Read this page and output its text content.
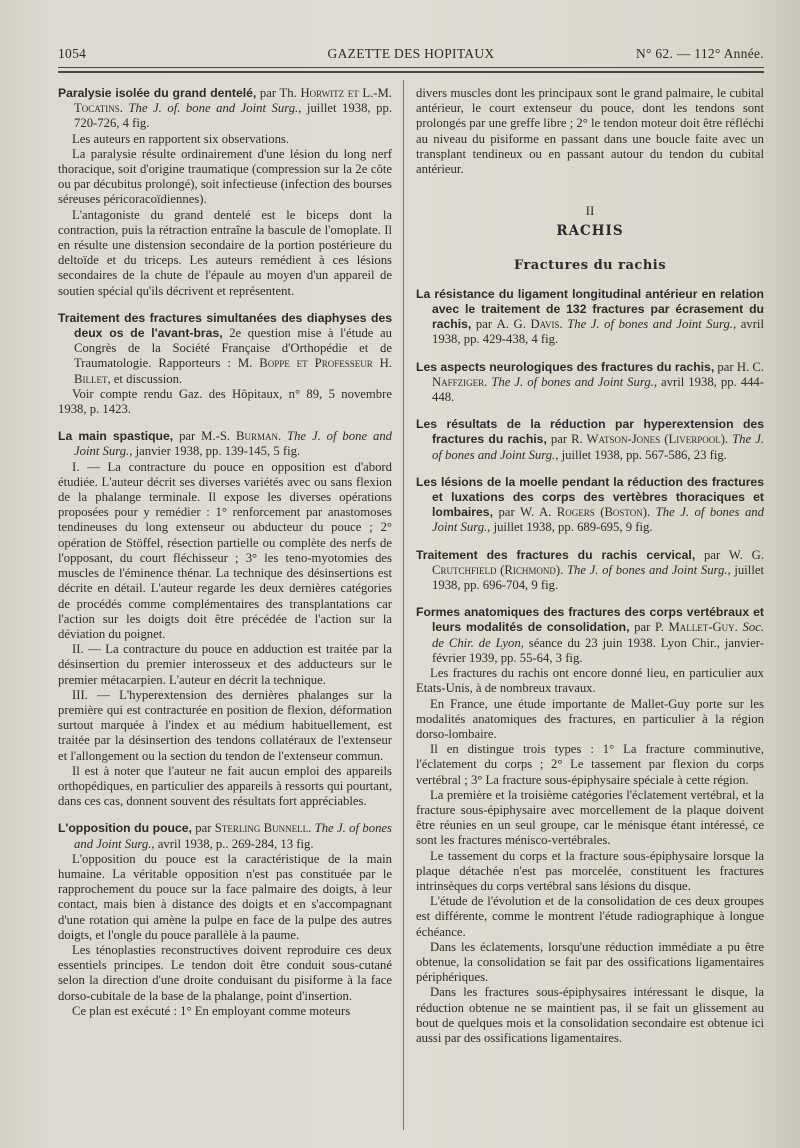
1054	GAZETTE DES HOPITAUX	N° 62. — 112° Année.

Paralysie isolée du grand dentelé, par Th. Horwitz et L.-M. Tocatins. The J. of. bone and Joint Surg., juillet 1938, pp. 720-726, 4 fig.

Les auteurs en rapportent six observations.

La paralysie résulte ordinairement d'une lésion du long nerf thoracique, soit d'origine traumatique (compression sur la 2e côte ou par décubitus prolongé), soit infectieuse (infection des bourses séreuses péricoracoïdiennes).

L'antagoniste du grand dentelé est le biceps dont la contraction, puis la rétraction entraîne la bascule de l'omoplate. Il en résulte une distension secondaire de la portion postérieure du deltoïde et du triceps. Les auteurs remédient à ces lésions secondaires de la chute de l'épaule au moyen d'un appareil de soutien spécial qu'ils décrivent et représentent.

Traitement des fractures simultanées des diaphyses des deux os de l'avant-bras, 2e question mise à l'étude au Congrès de la Société Française d'Orthopédie et de Traumatologie. Rapporteurs : M. Boppe et Professeur H. Billet, et discussion.

Voir compte rendu Gaz. des Hôpitaux, n° 89, 5 novembre 1938, p. 1423.

La main spastique, par M.-S. Burman. The J. of bone and Joint Surg., janvier 1938, pp. 139-145, 5 fig.

I. — La contracture du pouce en opposition est d'abord étudiée. L'auteur décrit ses diverses variétés avec ou sans flexion de la phalange terminale. Il expose les diverses opérations proposées pour y remédier : 1° renforcement par anastomoses tendineuses du long extenseur ou abducteur du pouce ; 2° opération de Stöffel, résection partielle ou complète des nerfs de l'opposant, du court fléchisseur ; 3° les teno-myotomies des muscles de l'éminence thénar. La technique des désinsertions est décrite en détail. L'auteur regarde les deux dernières catégories de procédés comme complémentaires des transplantations car l'action sur les doigts doit être précédée de l'action sur la déviation du poignet.

II. — La contracture du pouce en adduction est traitée par la désinsertion du premier interosseux et des adducteurs sur le premier métacarpien. L'auteur en décrit la technique.

III. — L'hyperextension des dernières phalanges sur la première qui est contracturée en position de flexion, déformation surtout marquée à l'index et au médium habituellement, est traitée par la désinsertion des tendons collatéraux de l'extenseur et l'allongement ou la section du tendon de l'extenseur commun.

Il est à noter que l'auteur ne fait aucun emploi des appareils orthopédiques, en particulier des appareils à ressorts qui pourtant, dans ces cas, donnent souvent des résultats fort appréciables.

L'opposition du pouce, par Sterling Bunnell. The J. of bones and Joint Surg., avril 1938, p.. 269-284, 13 fig.

L'opposition du pouce est la caractéristique de la main humaine. La véritable opposition n'est pas constituée par le rapprochement du pouce sur la face palmaire des doigts, à leur contact, mais bien à distance des doigts et en s'accompagnant d'une rotation qui amène la pulpe en face de la pulpe des autres doigts, et l'ongle du pouce parallèle à la paume.

Les ténoplasties reconstructives doivent reproduire ces deux essentiels principes. Le tendon doit être conduit sous-cutané selon la direction d'une droite conduisant du pisiforme à la face dorso-cubitale de la base de la phalange, point d'insertion.

Ce plan est exécuté : 1° En employant comme moteurs

divers muscles dont les principaux sont le grand palmaire, le cubital antérieur, le court extenseur du pouce, dont les tendons sont prolongés par une greffe libre ; 2° le tendon moteur doit être réfléchi au niveau du pisiforme en passant dans une boucle faite avec un transplant tendineux ou en passant autour du tendon du cubital antérieur.

II
RACHIS
Fractures du rachis

La résistance du ligament longitudinal antérieur en relation avec le traitement de 132 fractures par écrasement du rachis, par A. G. Davis. The J. of bones and Joint Surg., avril 1938, pp. 429-438, 4 fig.

Les aspects neurologiques des fractures du rachis, par H. C. Naffziger. The J. of bones and Joint Surg., avril 1938, pp. 444-448.

Les résultats de la réduction par hyperextension des fractures du rachis, par R. Watson-Jones (Liverpool). The J. of bones and Joint Surg., juillet 1938, pp. 567-586, 23 fig.

Les lésions de la moelle pendant la réduction des fractures et luxations des corps des vertèbres thoraciques et lombaires, par W. A. Rogers (Boston). The J. of bones and Joint Surg., juillet 1938, pp. 689-695, 9 fig.

Traitement des fractures du rachis cervical, par W. G. Crutchfield (Richmond). The J. of bones and Joint Surg., juillet 1938, pp. 696-704, 9 fig.

Formes anatomiques des fractures des corps vertébraux et leurs modalités de consolidation, par P. Mallet-Guy. Soc. de Chir. de Lyon, séance du 23 juin 1938. Lyon Chir., janvier-février 1939, pp. 55-64, 3 fig.

Les fractures du rachis ont encore donné lieu, en particulier aux Etats-Unis, à de nombreux travaux.

En France, une étude importante de Mallet-Guy porte sur les modalités anatomiques des fractures, en particulier à la région dorso-lombaire.

Il en distingue trois types : 1° La fracture comminutive, l'éclatement du corps ; 2° Le tassement par flexion du corps vertébral ; 3° La fracture sous-épiphysaire spéciale à cette région.

La première et la troisième catégories l'éclatement vertébral, et la fracture sous-épiphysaire avec morcellement de la plaque doivent être réunies en un seul groupe, car le ménisque étant intéressé, ce sont les fractures ménisco-vertébrales.

Le tassement du corps et la fracture sous-épiphysaire lorsque la plaque détachée n'est pas morcelée, constituent les fractures intrinsèques du corps vertébral sans lésions du disque.

L'étude de l'évolution et de la consolidation de ces deux groupes est différente, comme le montrent l'étude radiographique à longue échéance.

Dans les éclatements, lorsqu'une réduction immédiate a pu être obtenue, la consolidation se fait par des ossifications ligamentaires périphériques.

Dans les fractures sous-épiphysaires intéressant le disque, la réduction obtenue ne se maintient pas, il se fait un glissement au bout de quelques mois et la consolidation secondaire est obtenue ici aussi par des ossifications ligamentaires.
